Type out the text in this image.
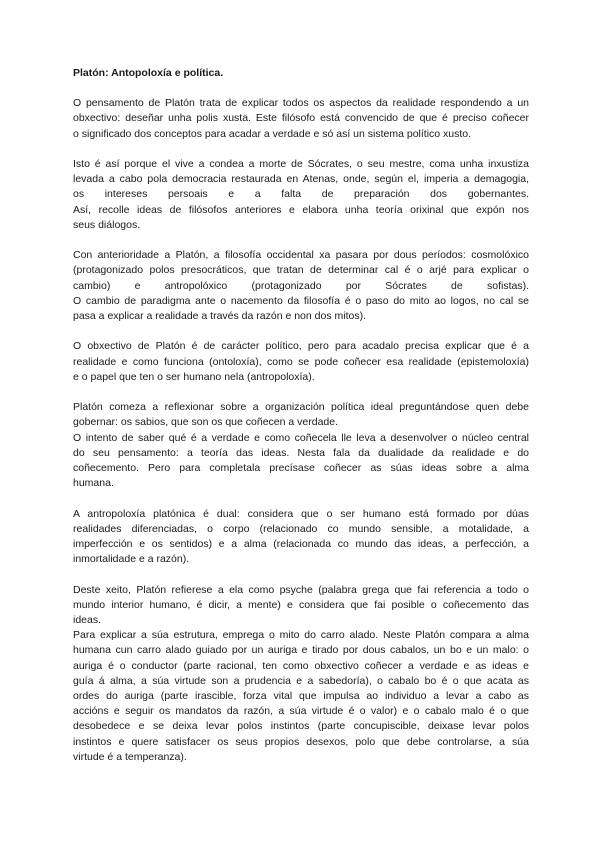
Platón: Antopoloxía e política.
O pensamento de Platón trata de explicar todos os aspectos da realidade respondendo a un
obxectivo: deseñar unha polis xusta. Este filósofo está convencido de que é preciso coñecer
o significado dos conceptos para acadar a verdade e só así un sistema político xusto.
Isto é así porque el vive a condea a morte de Sócrates, o seu mestre, coma unha inxustiza
levada a cabo pola democracia restaurada en Atenas, onde, según el, imperia a demagogia,
os intereses persoais e a falta de preparación dos gobernantes.
Así, recolle ideas de filósofos anteriores e elabora unha teoría orixinal que expón nos
seus diálogos.
Con anterioridade a Platón, a filosofía occidental xa pasara por dous períodos: cosmolóxico
(protagonizado polos presocráticos, que tratan de determinar cal é o arjé para explicar o
cambio) e antropolóxico (protagonizado por Sócrates de sofistas).
O cambio de paradigma ante o nacemento da filosofía é o paso do mito ao logos, no cal se
pasa a explicar a realidade a través da razón e non dos mitos).
O obxectivo de Platón é de carácter político, pero para acadalo precisa explicar que é a
realidade e como funciona (ontoloxía), como se pode coñecer esa realidade (epistemoloxía)
e o papel que ten o ser humano nela (antropoloxía).
Platón comeza a reflexionar sobre a organización política ideal preguntándose quen debe
gobernar: os sabios, que son os que coñecen a verdade.
O intento de saber qué é a verdade e como coñecela lle leva a desenvolver o núcleo central
do seu pensamento: a teoría das ideas. Nesta fala da dualidade da realidade e do
coñecemento. Pero para completala precísase coñecer as súas ideas sobre a alma
humana.
A antropoloxía platónica é dual: considera que o ser humano está formado por dúas
realidades diferenciadas, o corpo (relacionado co mundo sensible, a motalidade, a
imperfección e os sentidos) e a alma (relacionada co mundo das ideas, a perfección, a
inmortalidade e a razón).
Deste xeito, Platón refierese a ela como psyche (palabra grega que fai referencia a todo o
mundo interior humano, é dicir, a mente) e considera que fai posible o coñecemento das
ideas.
Para explicar a súa estrutura, emprega o mito do carro alado. Neste Platón compara a alma
humana cun carro alado guiado por un auriga e tirado por dous cabalos, un bo e un malo: o
auriga é o conductor (parte racional, ten como obxectivo coñecer a verdade e as ideas e
guía á alma, a súa virtude son a prudencia e a sabedoría), o cabalo bo é o que acata as
ordes do auriga (parte irascible, forza vital que impulsa ao individuo a levar a cabo as
accións e seguir os mandatos da razón, a súa virtude é o valor) e o cabalo malo é o que
desobedece e se deixa levar polos instintos (parte concupiscible, deixase levar polos
instintos e quere satisfacer os seus propios desexos, polo que debe controlarse, a súa
virtude é a temperanza).
